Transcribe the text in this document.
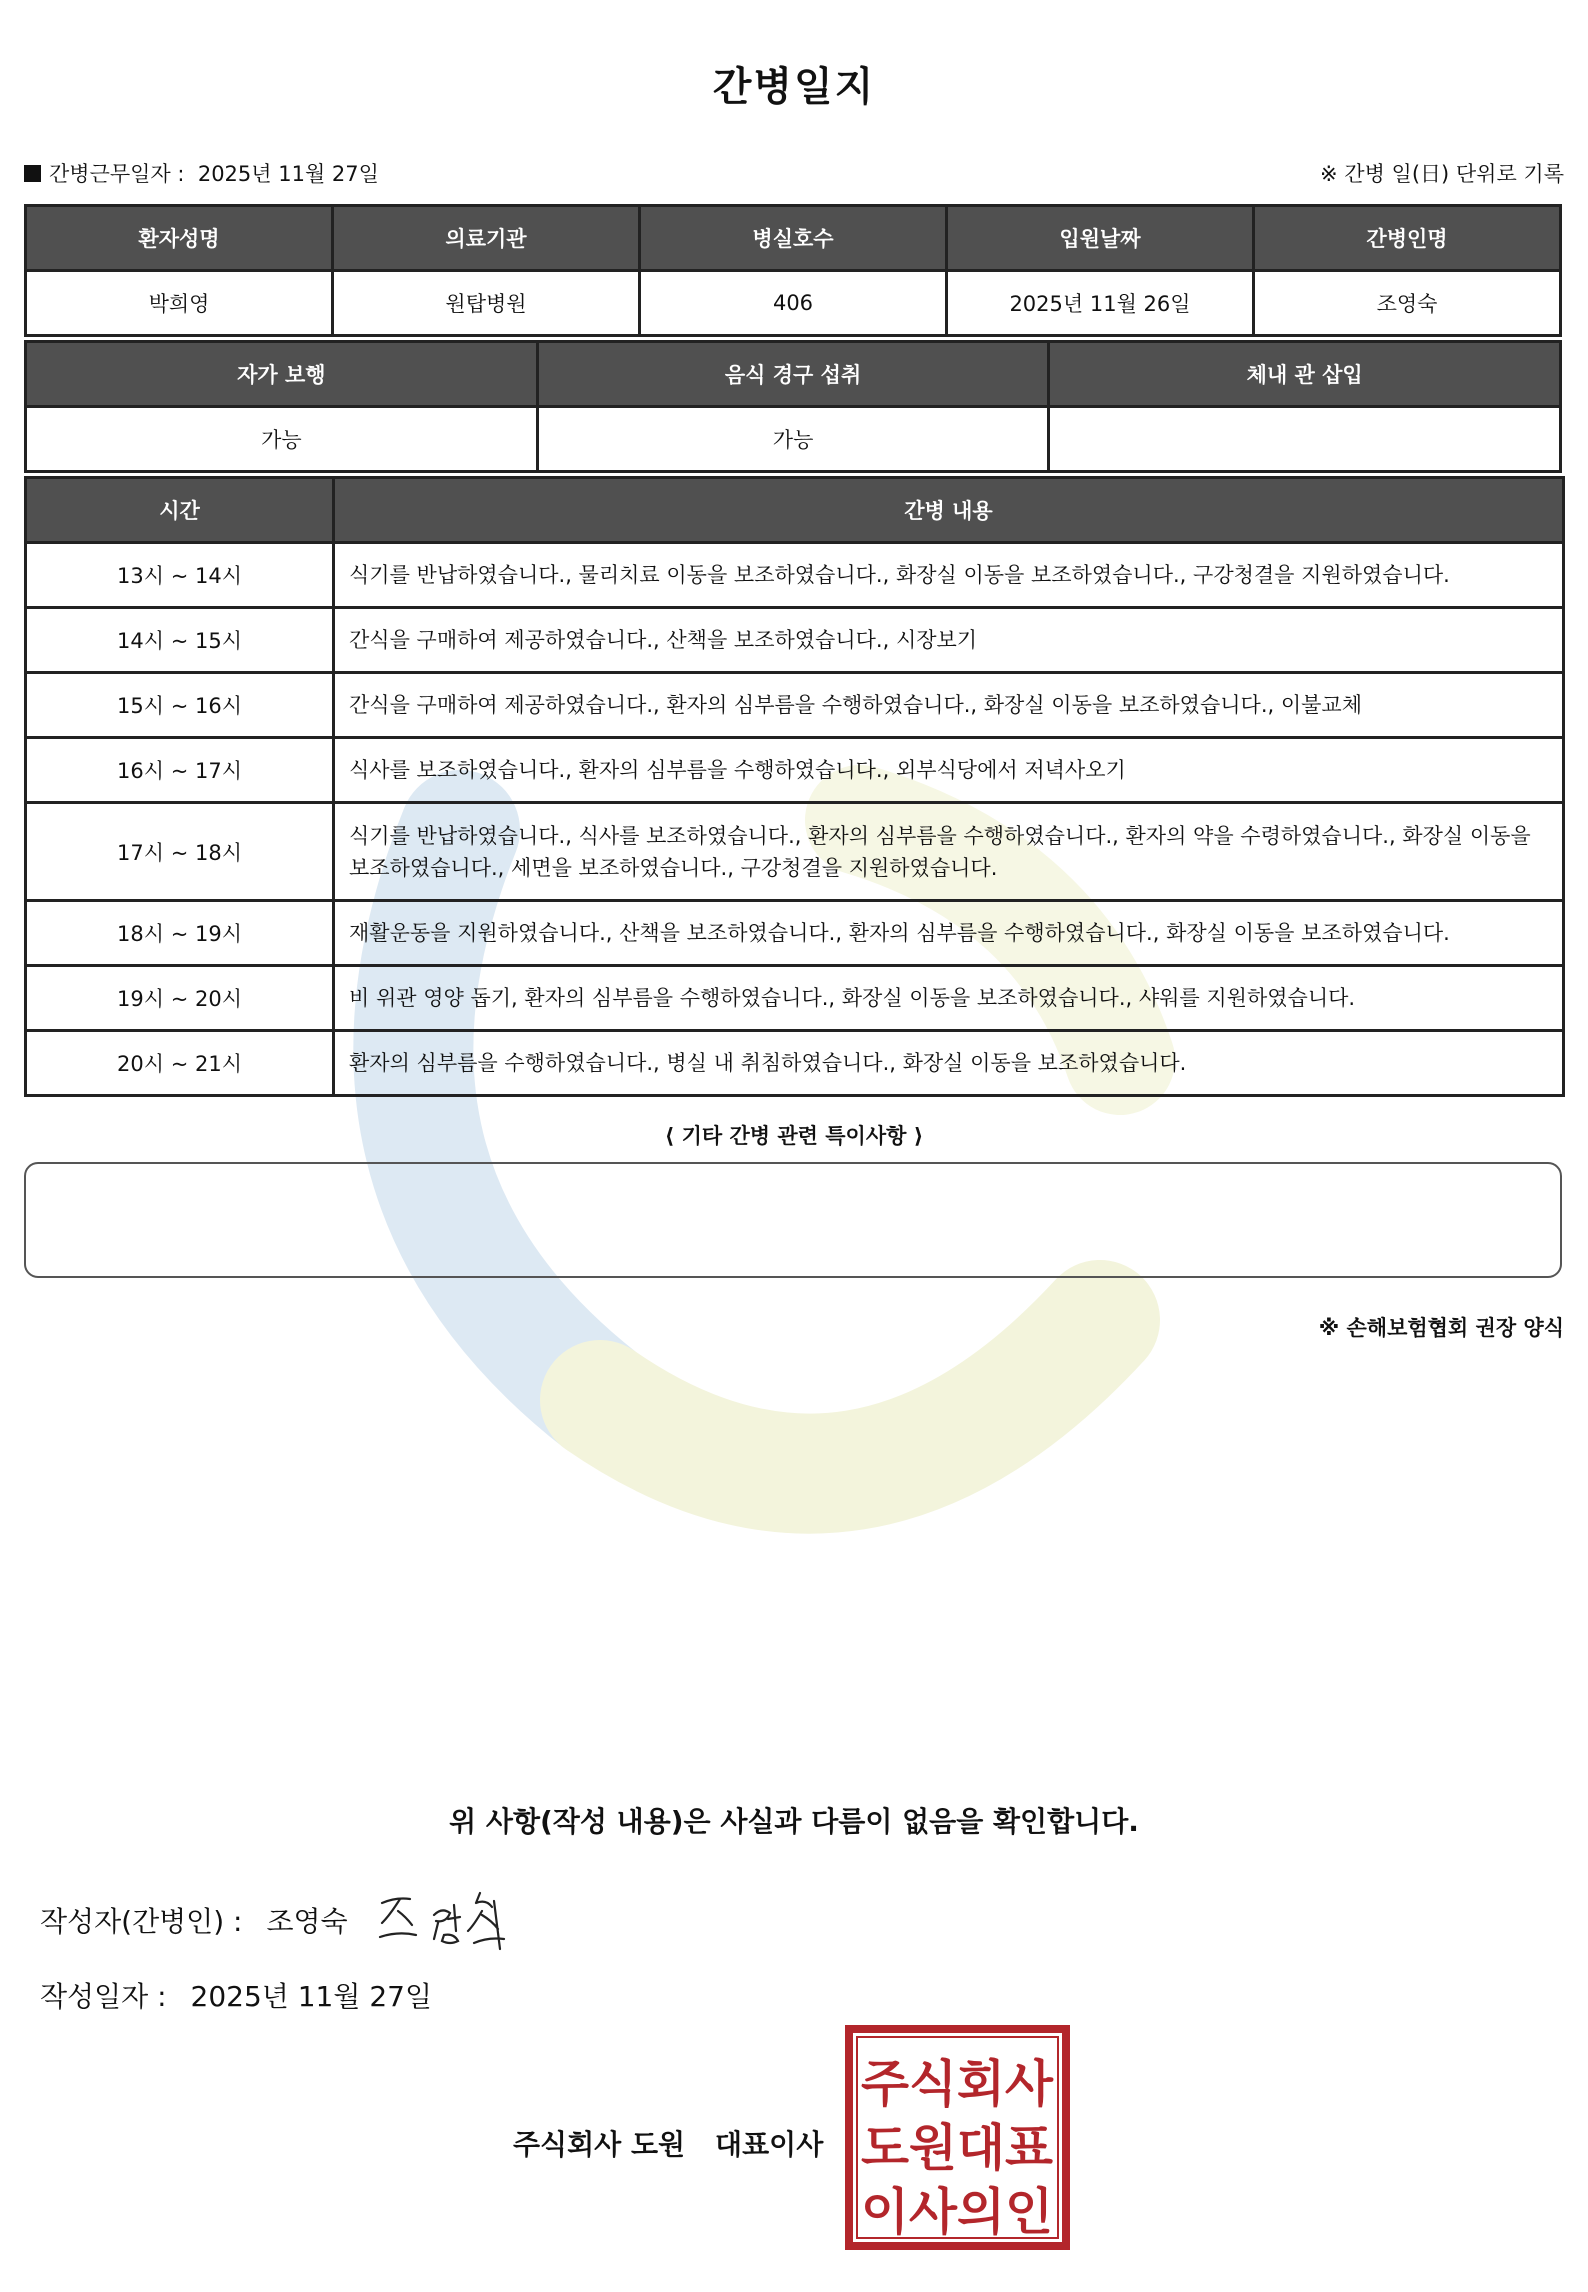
간병일지
간병근무일자 : 2025년 11월 27일	※ 간병 일(日) 단위로 기록
환자성명	의료기관	병실호수	입원날짜	간병인명
박희영	원탑병원	406	2025년 11월 26일	조영숙
자가 보행	음식 경구 섭취	체내 관 삽입
가능	가능	
시간	간병 내용
13시 ~ 14시	식기를 반납하였습니다., 물리치료 이동을 보조하였습니다., 화장실 이동을 보조하였습니다., 구강청결을 지원하였습니다.
14시 ~ 15시	간식을 구매하여 제공하였습니다., 산책을 보조하였습니다., 시장보기
15시 ~ 16시	간식을 구매하여 제공하였습니다., 환자의 심부름을 수행하였습니다., 화장실 이동을 보조하였습니다., 이불교체
16시 ~ 17시	식사를 보조하였습니다., 환자의 심부름을 수행하였습니다., 외부식당에서 저녁사오기
17시 ~ 18시	식기를 반납하였습니다., 식사를 보조하였습니다., 환자의 심부름을 수행하였습니다., 환자의 약을 수령하였습니다., 화장실 이동을 보조하였습니다., 세면을 보조하였습니다., 구강청결을 지원하였습니다.
18시 ~ 19시	재활운동을 지원하였습니다., 산책을 보조하였습니다., 환자의 심부름을 수행하였습니다., 화장실 이동을 보조하였습니다.
19시 ~ 20시	비 위관 영양 돕기, 환자의 심부름을 수행하였습니다., 화장실 이동을 보조하였습니다., 샤워를 지원하였습니다.
20시 ~ 21시	환자의 심부름을 수행하였습니다., 병실 내 취침하였습니다., 화장실 이동을 보조하였습니다.
⟨ 기타 간병 관련 특이사항 ⟩
※ 손해보험협회 권장 양식
위 사항(작성 내용)은 사실과 다름이 없음을 확인합니다.
작성자(간병인) : 조영숙
작성일자 : 2025년 11월 27일
주식회사 도원 대표이사
주식회사
도원대표
이사의인
